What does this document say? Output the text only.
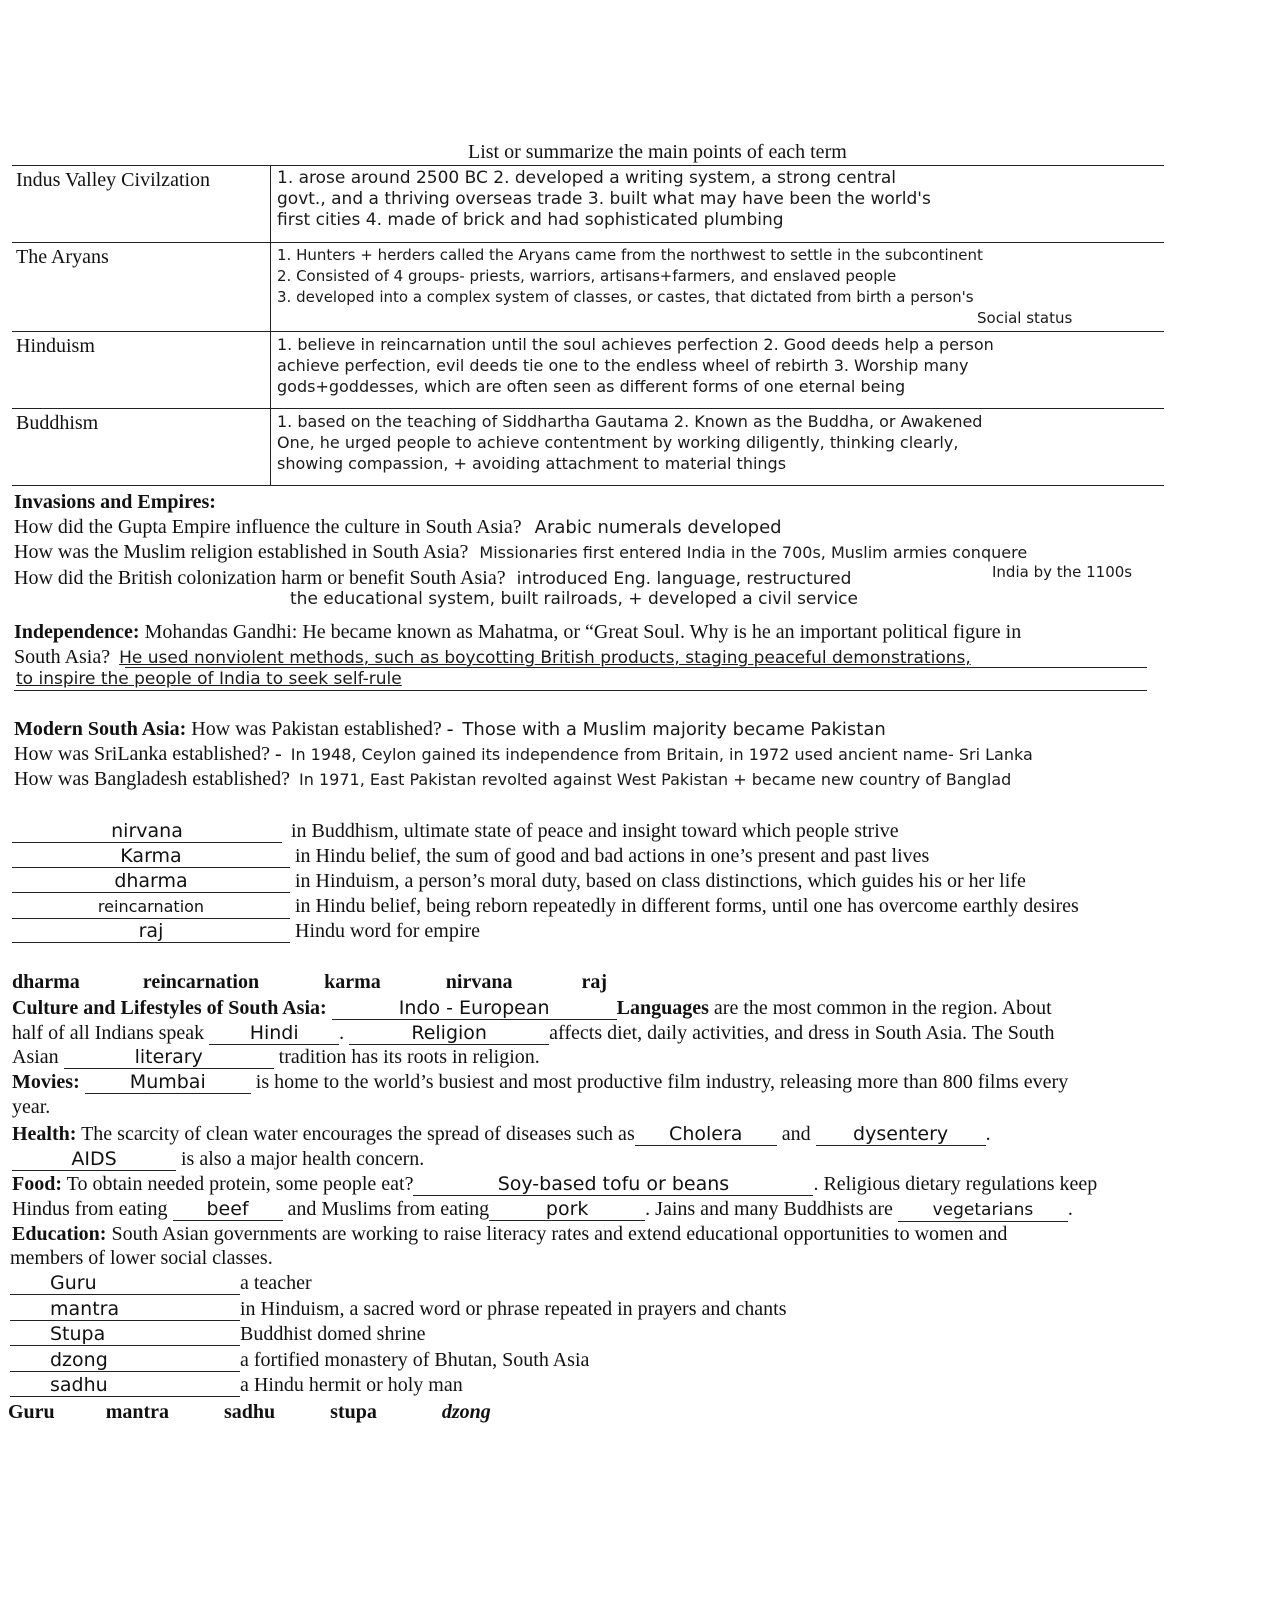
List or summarize the main points of each term
Indus Valley Civilzation	1. arose around 2500 BC 2. developed a writing system, a strong central
govt., and a thriving overseas trade 3. built what may have been the world's
first cities 4. made of brick and had sophisticated plumbing

The Aryans	1. Hunters + herders called the Aryans came from the northwest to settle in the subcontinent
2. Consisted of 4 groups- priests, warriors, artisans+farmers, and enslaved people
3. developed into a complex system of classes, or castes, that dictated from birth a person's
Social status

Hinduism	1. believe in reincarnation until the soul achieves perfection 2. Good deeds help a person
achieve perfection, evil deeds tie one to the endless wheel of rebirth 3. Worship many
gods+goddesses, which are often seen as different forms of one eternal being

Buddhism	1. based on the teaching of Siddhartha Gautama 2. Known as the Buddha, or Awakened
One, he urged people to achieve contentment by working diligently, thinking clearly,
showing compassion, + avoiding attachment to material things
Invasions and Empires:
How did the Gupta Empire influence the culture in South Asia? Arabic numerals developed
How was the Muslim religion established in South Asia? Missionaries first entered India in the 700s, Muslim armies conquere
India by the 1100s
How did the British colonization harm or benefit South Asia? introduced Eng. language, restructured
the educational system, built railroads, + developed a civil service
Independence: Mohandas Gandhi: He became known as Mahatma, or “Great Soul. Why is he an important political figure in
South Asia? He used nonviolent methods, such as boycotting British products, staging peaceful demonstrations,
to inspire the people of India to seek self-rule
Modern South Asia: How was Pakistan established? - Those with a Muslim majority became Pakistan
How was SriLanka established? - In 1948, Ceylon gained its independence from Britain, in 1972 used ancient name- Sri Lanka
How was Bangladesh established? In 1971, East Pakistan revolted against West Pakistan + became new country of Banglad
nirvana	in Buddhism, ultimate state of peace and insight toward which people strive
Karma	in Hindu belief, the sum of good and bad actions in one’s present and past lives
dharma	in Hinduism, a person’s moral duty, based on class distinctions, which guides his or her life
reincarnation	in Hindu belief, being reborn repeatedly in different forms, until one has overcome earthly desires
raj	Hindu word for empire
dharma	reincarnation	karma	nirvana	raj
Culture and Lifestyles of South Asia:	Indo - European	Languages are the most common in the region. About
half of all Indians speak Hindi .	Religion	affects diet, daily activities, and dress in South Asia. The South
Asian	literary	tradition has its roots in religion.
Movies:	Mumbai	is home to the world’s busiest and most productive film industry, releasing more than 800 films every
year.
Health: The scarcity of clean water encourages the spread of diseases such as Cholera and dysentery .
AIDS	is also a major health concern.
Food: To obtain needed protein, some people eat?	Soy-based tofu or beans	. Religious dietary regulations keep
Hindus from eating beef and Muslims from eating	pork	. Jains and many Buddhists are vegetarians .
Education: South Asian governments are working to raise literacy rates and extend educational opportunities to women and
members of lower social classes.
Guru	a teacher
mantra	in Hinduism, a sacred word or phrase repeated in prayers and chants
Stupa	Buddhist domed shrine
dzong	a fortified monastery of Bhutan, South Asia
sadhu	a Hindu hermit or holy man
Guru	mantra	sadhu	stupa	dzong
